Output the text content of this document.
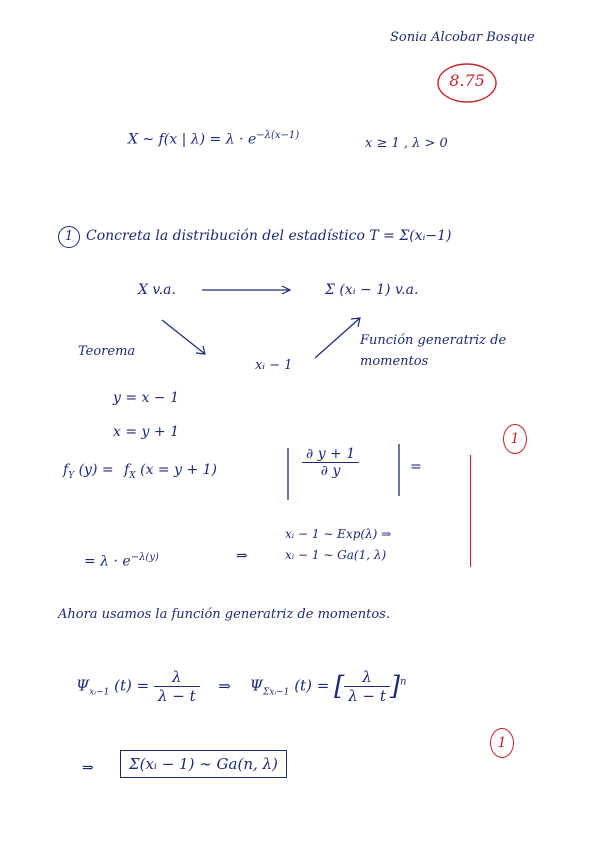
Sonia Alcobar Bosque
8.75
X ∼ f(x | $\lambda) = \lambda \cdot e^{-\lambda(x-1)}$
x ≥ 1 , λ > 0
1 Concreta la distribución del estadístico T = Σ(xᵢ−1)
X v.a.	Σ (xᵢ − 1) v.a.
Teorema
xᵢ − 1
Función generatriz de
momentos
y = x − 1
x = y + 1
$f_Y$ $(y) = f_X$ (x = y + 1)	$\frac{\partial y + 1}{\partial y}$	=
= $\lambda \cdot e^{-\lambda(y)}$	⇒
xᵢ − 1 ∼ Exp(λ) ⇒
xᵢ − 1 ∼ Ga(1, λ)
Ahora usamos la función generatriz de momentos.
$\Psi_{xᵢ-1}$ $(t) = \frac{\lambda}{\lambda - t}$ ⇒ $\Psi_{\Sigma xᵢ-1}$ (t) = [ $\frac{\lambda}{\lambda - t} ]^n$
⇒	Σ(xᵢ − 1) ∼ Ga(n, λ)
1
1
